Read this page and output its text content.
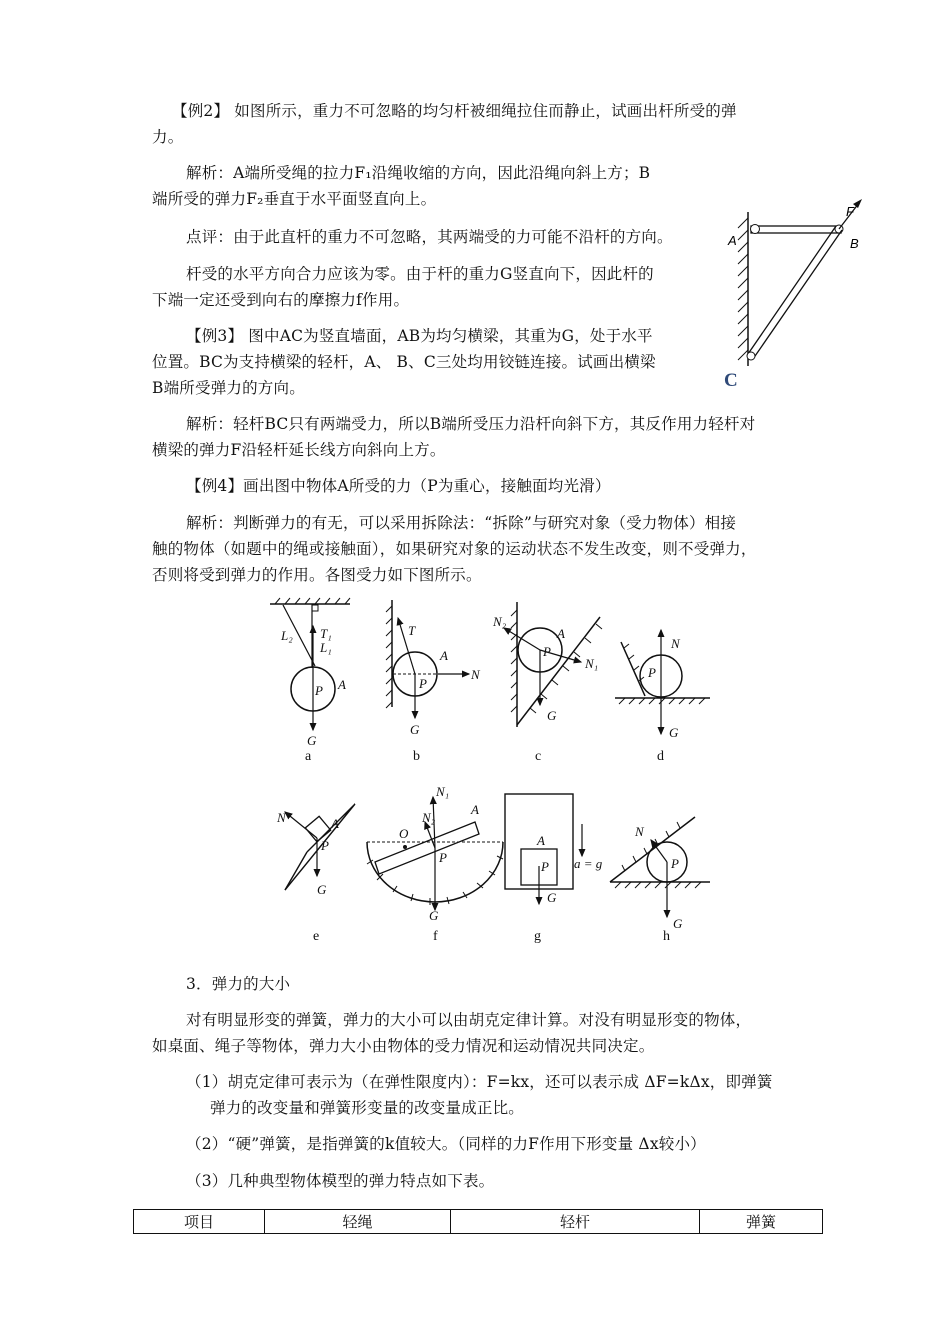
【例2】 如图所示，重力不可忽略的均匀杆被细绳拉住而静止，试画出杆所受的弹
力。
解析：A端所受绳的拉力F₁沿绳收缩的方向，因此沿绳向斜上方；B
端所受的弹力F₂垂直于水平面竖直向上。
点评：由于此直杆的重力不可忽略，其两端受的力可能不沿杆的方向。
杆受的水平方向合力应该为零。由于杆的重力G竖直向下，因此杆的
下端一定还受到向右的摩擦力f作用。
【例3】 图中AC为竖直墙面，AB为均匀横梁，其重为G，处于水平
位置。BC为支持横梁的轻杆，A、 B、C三处均用铰链连接。试画出横梁
B端所受弹力的方向。
解析：轻杆BC只有两端受力，所以B端所受压力沿杆向斜下方，其反作用力轻杆对
横梁的弹力F沿轻杆延长线方向斜向上方。
【例4】画出图中物体A所受的力（P为重心，接触面均光滑）
解析：判断弹力的有无，可以采用拆除法：“拆除”与研究对象（受力物体）相接
触的物体（如题中的绳或接触面），如果研究对象的运动状态不发生改变，则不受弹力，
否则将受到弹力的作用。各图受力如下图所示。
A	B
F
C
L₂ T₁
L₁
P A
G
a
T
A
N
P
G
b
N₂
A
P
N₁
G
c
N
P
G
d
N	A
P
G
e
N₁
A
O
N₂
P
G
f
A
P
G
a = g
g
N
P
G
h
3．弹力的大小
对有明显形变的弹簧，弹力的大小可以由胡克定律计算。对没有明显形变的物体，
如桌面、绳子等物体，弹力大小由物体的受力情况和运动情况共同决定。
（1）胡克定律可表示为（在弹性限度内）：F=kx，还可以表示成 ΔF=kΔx，即弹簧
弹力的改变量和弹簧形变量的改变量成正比。
（2）“硬”弹簧，是指弹簧的k值较大。（同样的力F作用下形变量 Δx较小）
（3）几种典型物体模型的弹力特点如下表。
项目	轻绳	轻杆	弹簧
